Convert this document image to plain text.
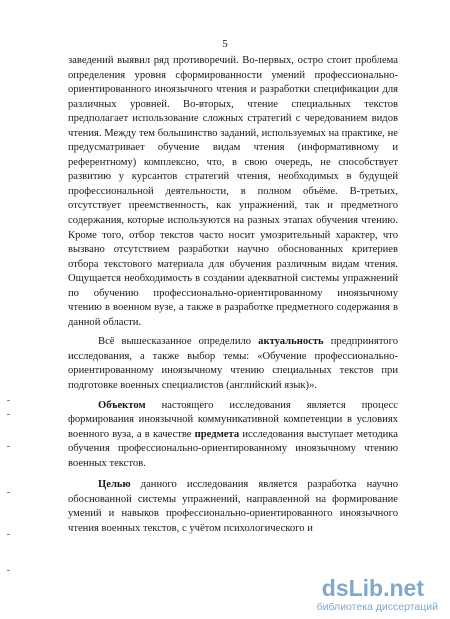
5

заведений выявил ряд противоречий. Во-первых, остро стоит проблема определения уровня сформированности умений профессионально-ориентированного иноязычного чтения и разработки спецификации для различных уровней. Во-вторых, чтение специальных текстов предполагает использование сложных стратегий с чередованием видов чтения. Между тем большинство заданий, используемых на практике, не предусматривает обучение видам чтения (информативному и референтному) комплексно, что, в свою очередь, не способствует развитию у курсантов стратегий чтения, необходимых в будущей профессиональной деятельности, в полном объёме. В-третьих, отсутствует преемственность, как упражнений, так и предметного содержания, которые используются на разных этапах обучения чтению. Кроме того, отбор текстов часто носит умозрительный характер, что вызвано отсутствием разработки научно обоснованных критериев отбора текстового материала для обучения различным видам чтения. Ощущается необходимость в создании адекватной системы упражнений по обучению профессионально-ориентированному иноязычному чтению в военном вузе, а также в разработке предметного содержания в данной области.

Всё вышесказанное определило актуальность предпринятого исследования, а также выбор темы: «Обучение профессионально-ориентированному иноязычному чтению специальных текстов при подготовке военных специалистов (английский язык)».

Объектом настоящего исследования является процесс формирования иноязычной коммуникативной компетенции в условиях военного вуза, а в качестве предмета исследования выступает методика обучения профессионально-ориентированному иноязычному чтению военных текстов.

Целью данного исследования является разработка научно обоснованной системы упражнений, направленной на формирование умений и навыков профессионально-ориентированного иноязычного чтения военных текстов, с учётом психологического и

dsLib.net
библиотека диссертаций
